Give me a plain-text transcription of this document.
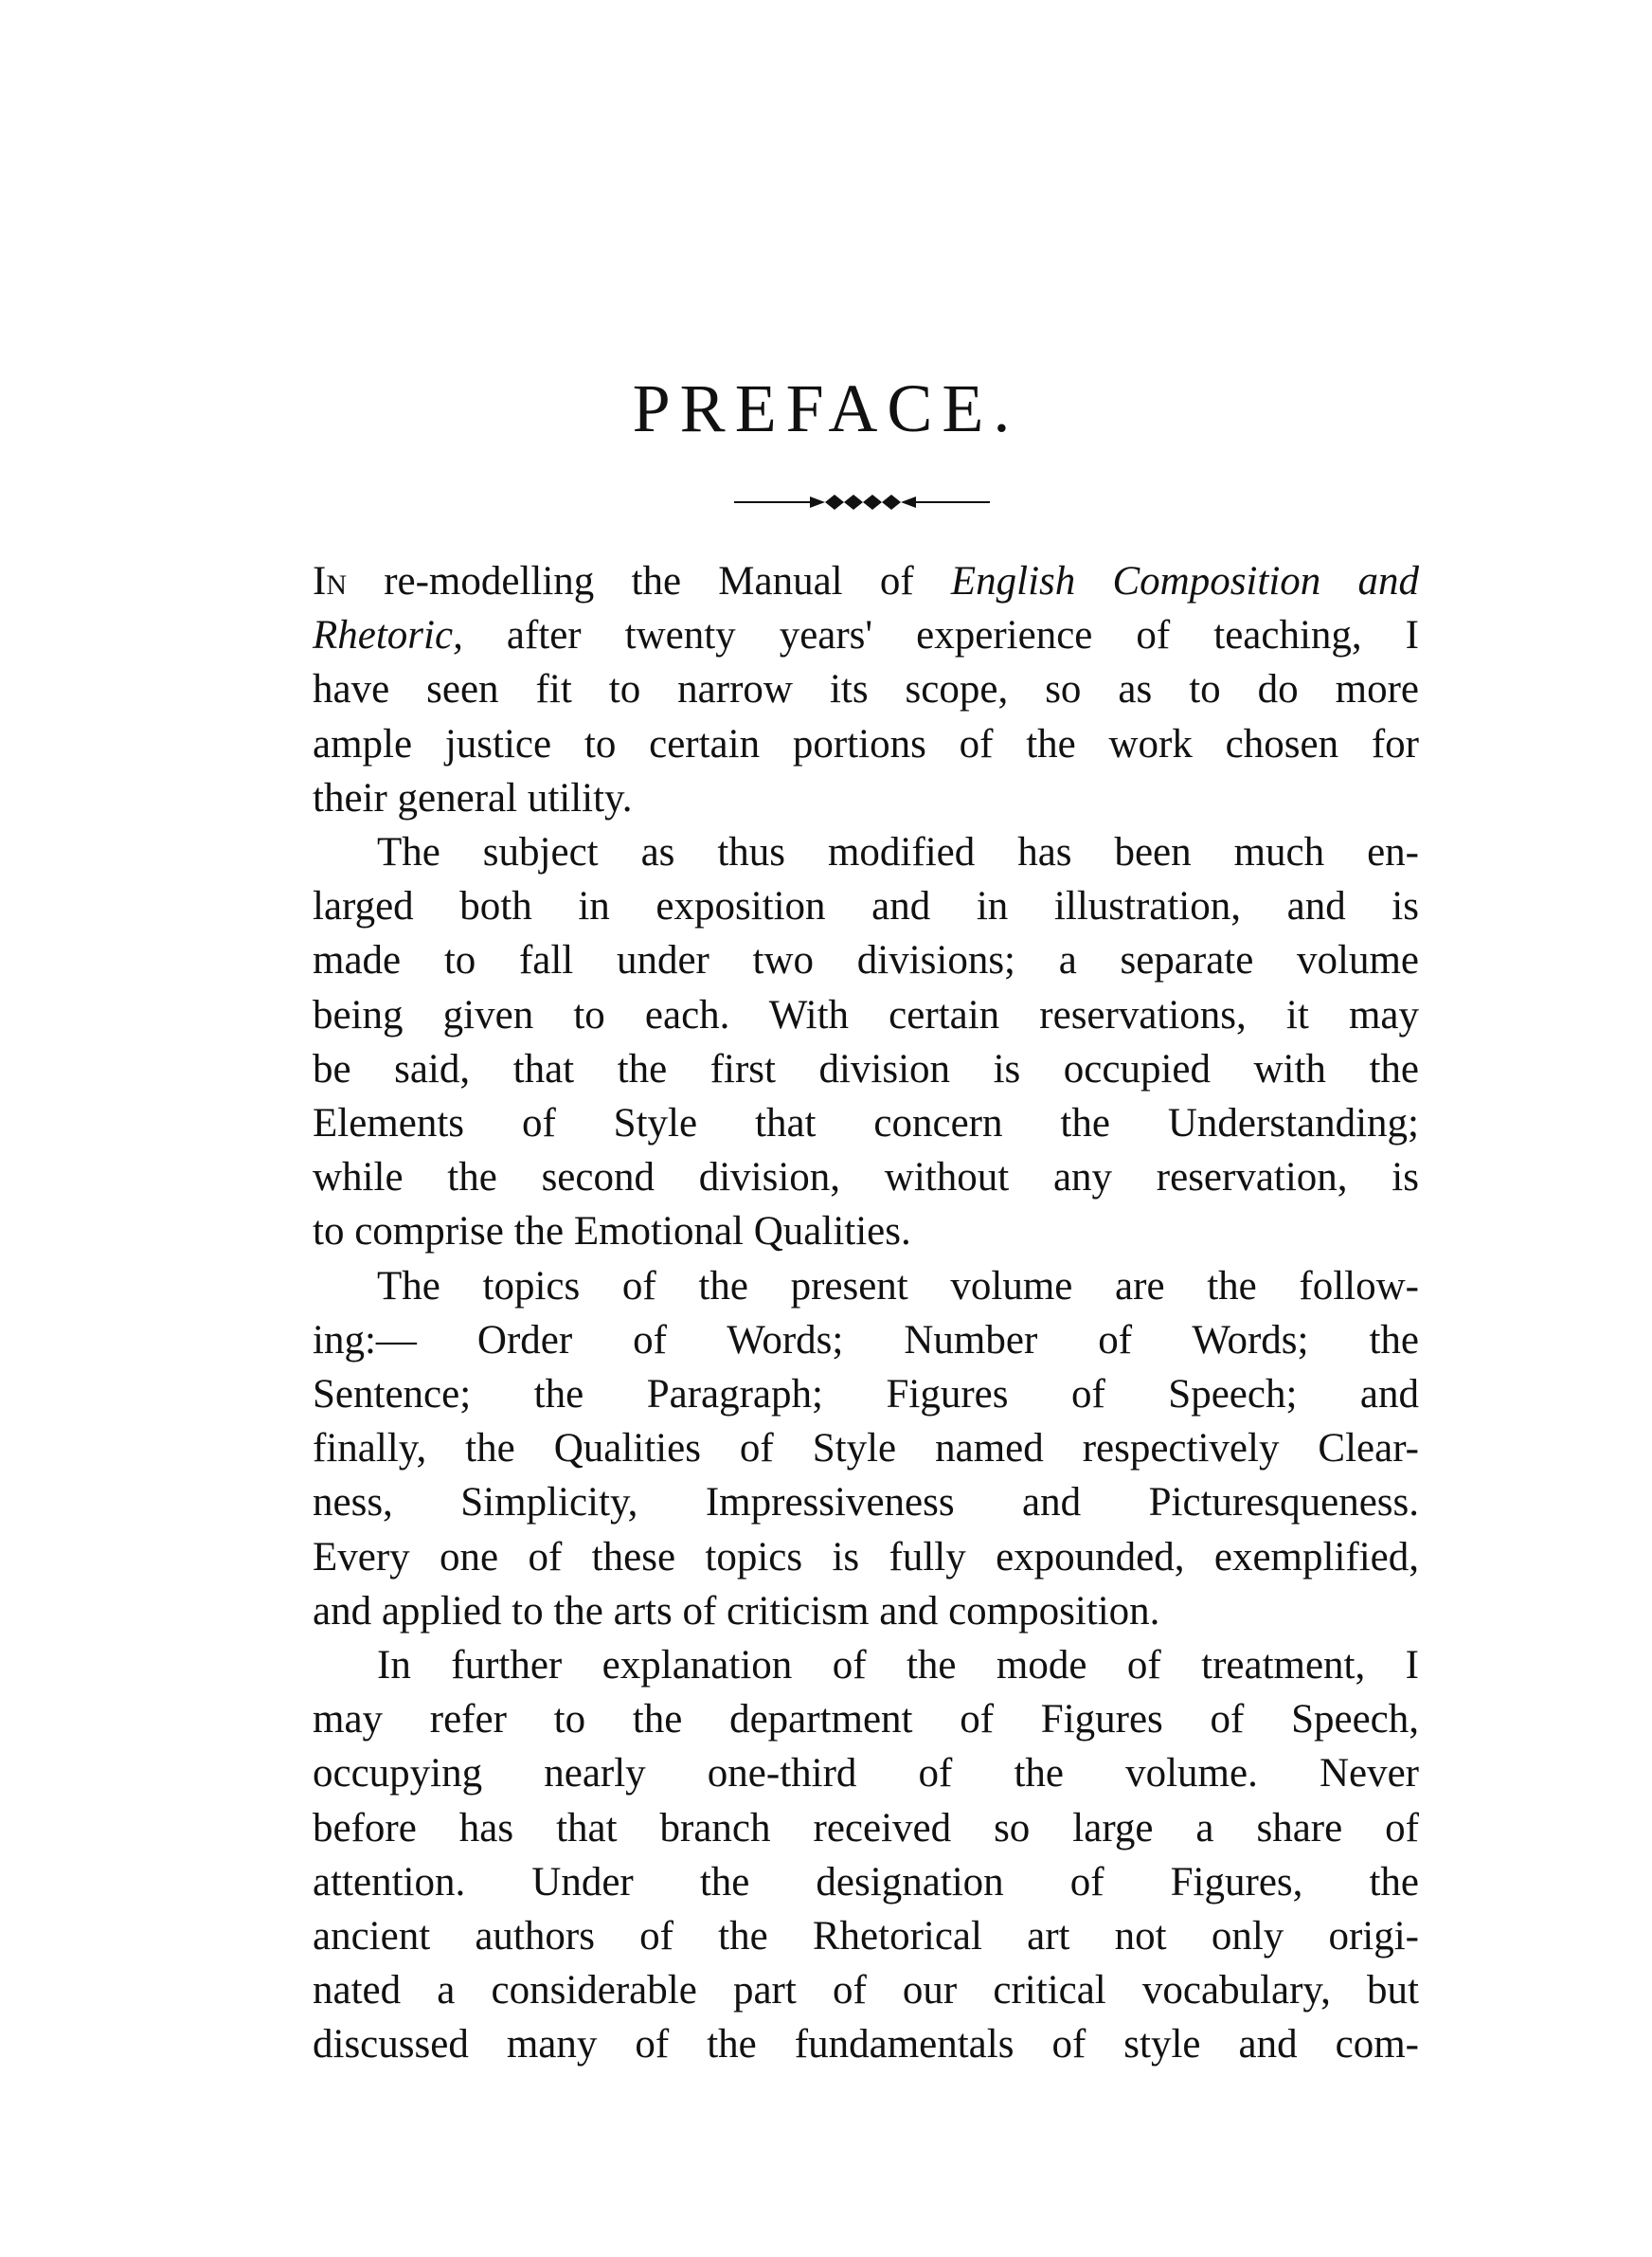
PREFACE.
In re-modelling the Manual of English Composition and
Rhetoric, after twenty years' experience of teaching, I
have seen fit to narrow its scope, so as to do more
ample justice to certain portions of the work chosen for
their general utility.
The subject as thus modified has been much en-
larged both in exposition and in illustration, and is
made to fall under two divisions; a separate volume
being given to each. With certain reservations, it may
be said, that the first division is occupied with the
Elements of Style that concern the Understanding;
while the second division, without any reservation, is
to comprise the Emotional Qualities.
The topics of the present volume are the follow-
ing:— Order of Words; Number of Words; the
Sentence; the Paragraph; Figures of Speech; and
finally, the Qualities of Style named respectively Clear-
ness, Simplicity, Impressiveness and Picturesqueness.
Every one of these topics is fully expounded, exemplified,
and applied to the arts of criticism and composition.
In further explanation of the mode of treatment, I
may refer to the department of Figures of Speech,
occupying nearly one-third of the volume. Never
before has that branch received so large a share of
attention. Under the designation of Figures, the
ancient authors of the Rhetorical art not only origi-
nated a considerable part of our critical vocabulary, but
discussed many of the fundamentals of style and com-
